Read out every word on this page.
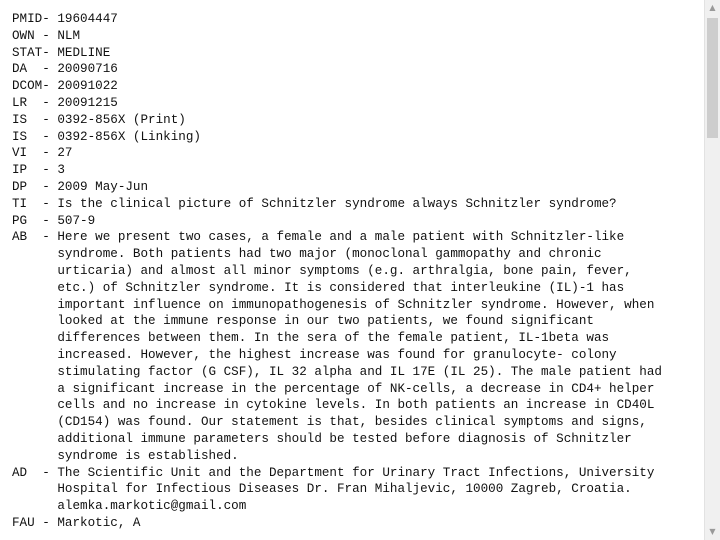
PMID- 19604447
OWN - NLM
STAT- MEDLINE
DA  - 20090716
DCOM- 20091022
LR  - 20091215
IS  - 0392-856X (Print)
IS  - 0392-856X (Linking)
VI  - 27
IP  - 3
DP  - 2009 May-Jun
TI  - Is the clinical picture of Schnitzler syndrome always Schnitzler syndrome?
PG  - 507-9
AB  - Here we present two cases, a female and a male patient with Schnitzler-like
syndrome. Both patients had two major (monoclonal gammopathy and chronic
urticaria) and almost all minor symptoms (e.g. arthralgia, bone pain, fever,
etc.) of Schnitzler syndrome. It is considered that interleukine (IL)-1 has
important influence on immunopathogenesis of Schnitzler syndrome. However, when
looked at the immune response in our two patients, we found significant
differences between them. In the sera of the female patient, IL-1beta was
increased. However, the highest increase was found for granulocyte- colony
stimulating factor (G CSF), IL 32 alpha and IL 17E (IL 25). The male patient had
a significant increase in the percentage of NK-cells, a decrease in CD4+ helper
cells and no increase in cytokine levels. In both patients an increase in CD40L
(CD154) was found. Our statement is that, besides clinical symptoms and signs,
additional immune parameters should be tested before diagnosis of Schnitzler
syndrome is established.
AD  - The Scientific Unit and the Department for Urinary Tract Infections, University
Hospital for Infectious Diseases Dr. Fran Mihaljevic, 10000 Zagreb, Croatia.
alemka.markotic@gmail.com
FAU - Markotic, A
▲
▼
